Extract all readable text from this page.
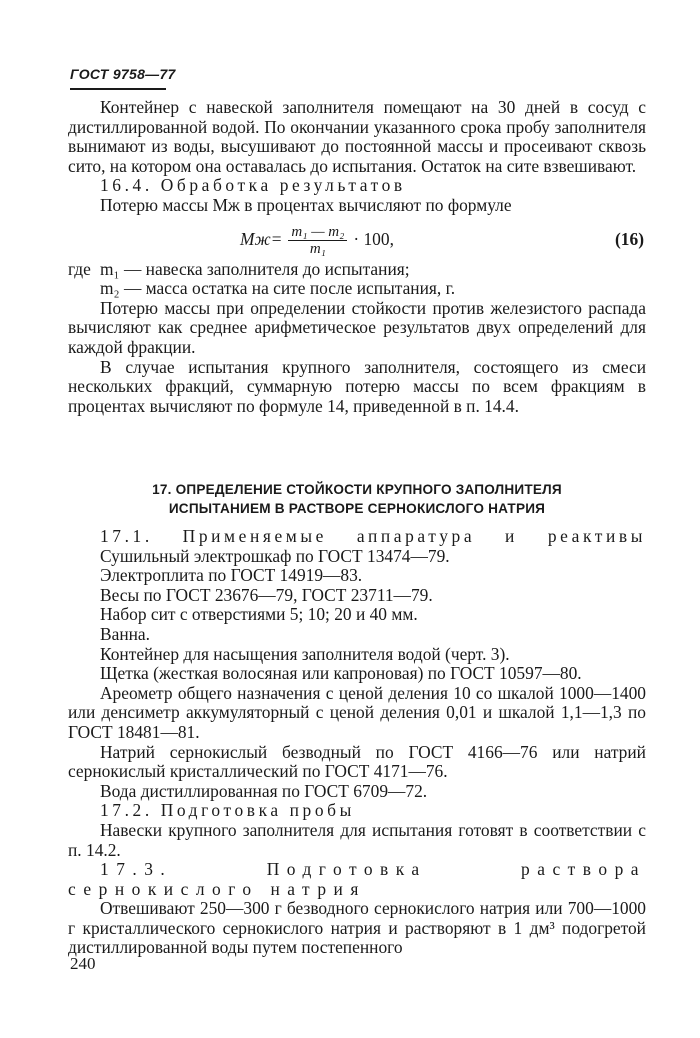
ГОСТ 9758—77

Контейнер с навеской заполнителя помещают на 30 дней в сосуд с дистиллированной водой. По окончании указанного срока пробу заполнителя вынимают из воды, высушивают до постоянной массы и просеивают сквозь сито, на котором она оставалась до испытания. Остаток на сите взвешивают.

16.4. Обработка результатов

Потерю массы Mж в процентах вычисляют по формуле

$Mж= \frac{\text{m₁ — m₂}}{\text{m₁}} \cdot 100$,	(16)
где m₁ — навеска заполнителя до испытания;

m₂ — масса остатка на сите после испытания, г.

Потерю массы при определении стойкости против железистого распада вычисляют как среднее арифметическое результатов двух определений для каждой фракции.

В случае испытания крупного заполнителя, состоящего из смеси нескольких фракций, суммарную потерю массы по всем фракциям в процентах вычисляют по формуле 14, приведенной в п. 14.4.

17. ОПРЕДЕЛЕНИЕ СТОЙКОСТИ КРУПНОГО ЗАПОЛНИТЕЛЯ
ИСПЫТАНИЕМ В РАСТВОРЕ СЕРНОКИСЛОГО НАТРИЯ

17.1. Применяемые аппаратура и реактивы

Сушильный электрошкаф по ГОСТ 13474—79.

Электроплита по ГОСТ 14919—83.

Весы по ГОСТ 23676—79, ГОСТ 23711—79.

Набор сит с отверстиями 5; 10; 20 и 40 мм.

Ванна.

Контейнер для насыщения заполнителя водой (черт. 3).

Щетка (жесткая волосяная или капроновая) по ГОСТ 10597—80.

Ареометр общего назначения с ценой деления 10 со шкалой 1000—1400 или денсиметр аккумуляторный с ценой деления 0,01 и шкалой 1,1—1,3 по ГОСТ 18481—81.

Натрий сернокислый безводный по ГОСТ 4166—76 или натрий сернокислый кристаллический по ГОСТ 4171—76.

Вода дистиллированная по ГОСТ 6709—72.

17.2. Подготовка пробы

Навески крупного заполнителя для испытания готовят в соответствии с п. 14.2.

17.3. Подготовка раствора сернокислого натрия

Отвешивают 250—300 г безводного сернокислого натрия или 700—1000 г кристаллического сернокислого натрия и растворяют в 1 дм³ подогретой дистиллированной воды путем постепенного

240
